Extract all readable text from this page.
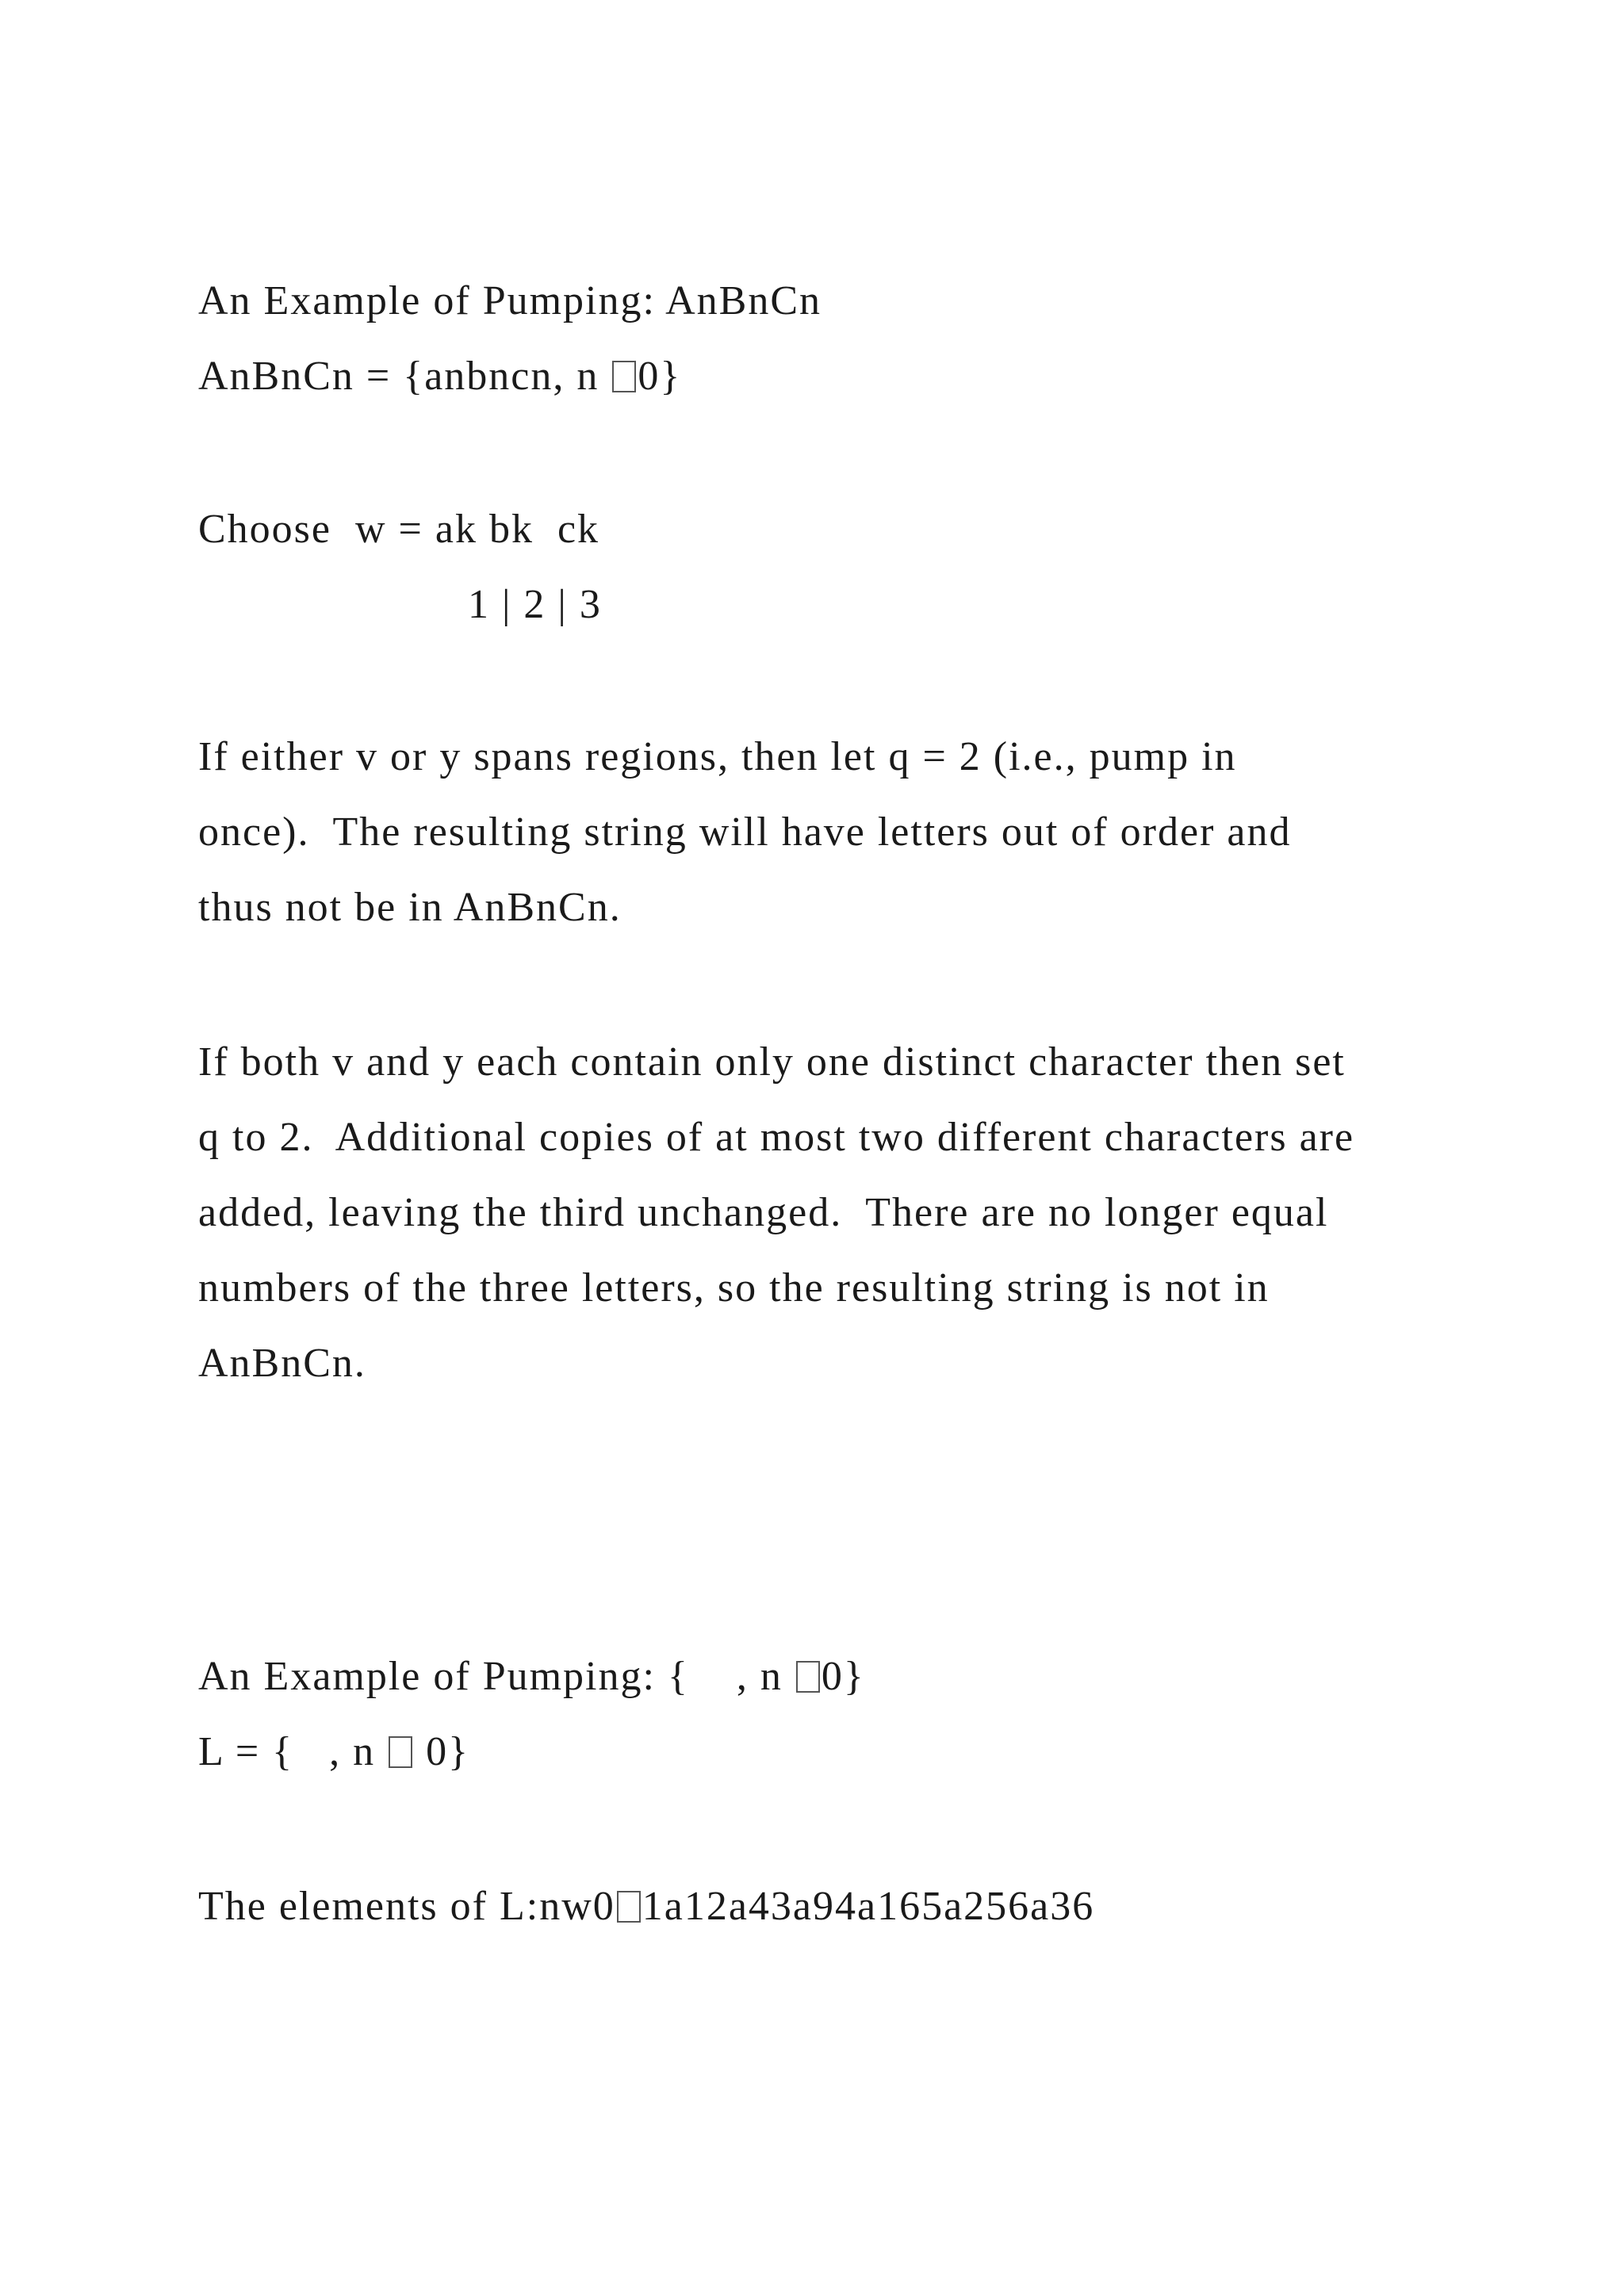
An Example of Pumping: AnBnCn

AnBnCn = {anbncn, n 0}

Choose  w = ak bk  ck

1 | 2 | 3

If either v or y spans regions, then let q = 2 (i.e., pump in

once).  The resulting string will have letters out of order and

thus not be in AnBnCn.

If both v and y each contain only one distinct character then set

q to 2.  Additional copies of at most two different characters are

added, leaving the third unchanged.  There are no longer equal

numbers of the three letters, so the resulting string is not in

AnBnCn.

An Example of Pumping: {    , n 0}

L = {   , n  0}

The elements of L:nw0 1a12a43a94a165a256a36
